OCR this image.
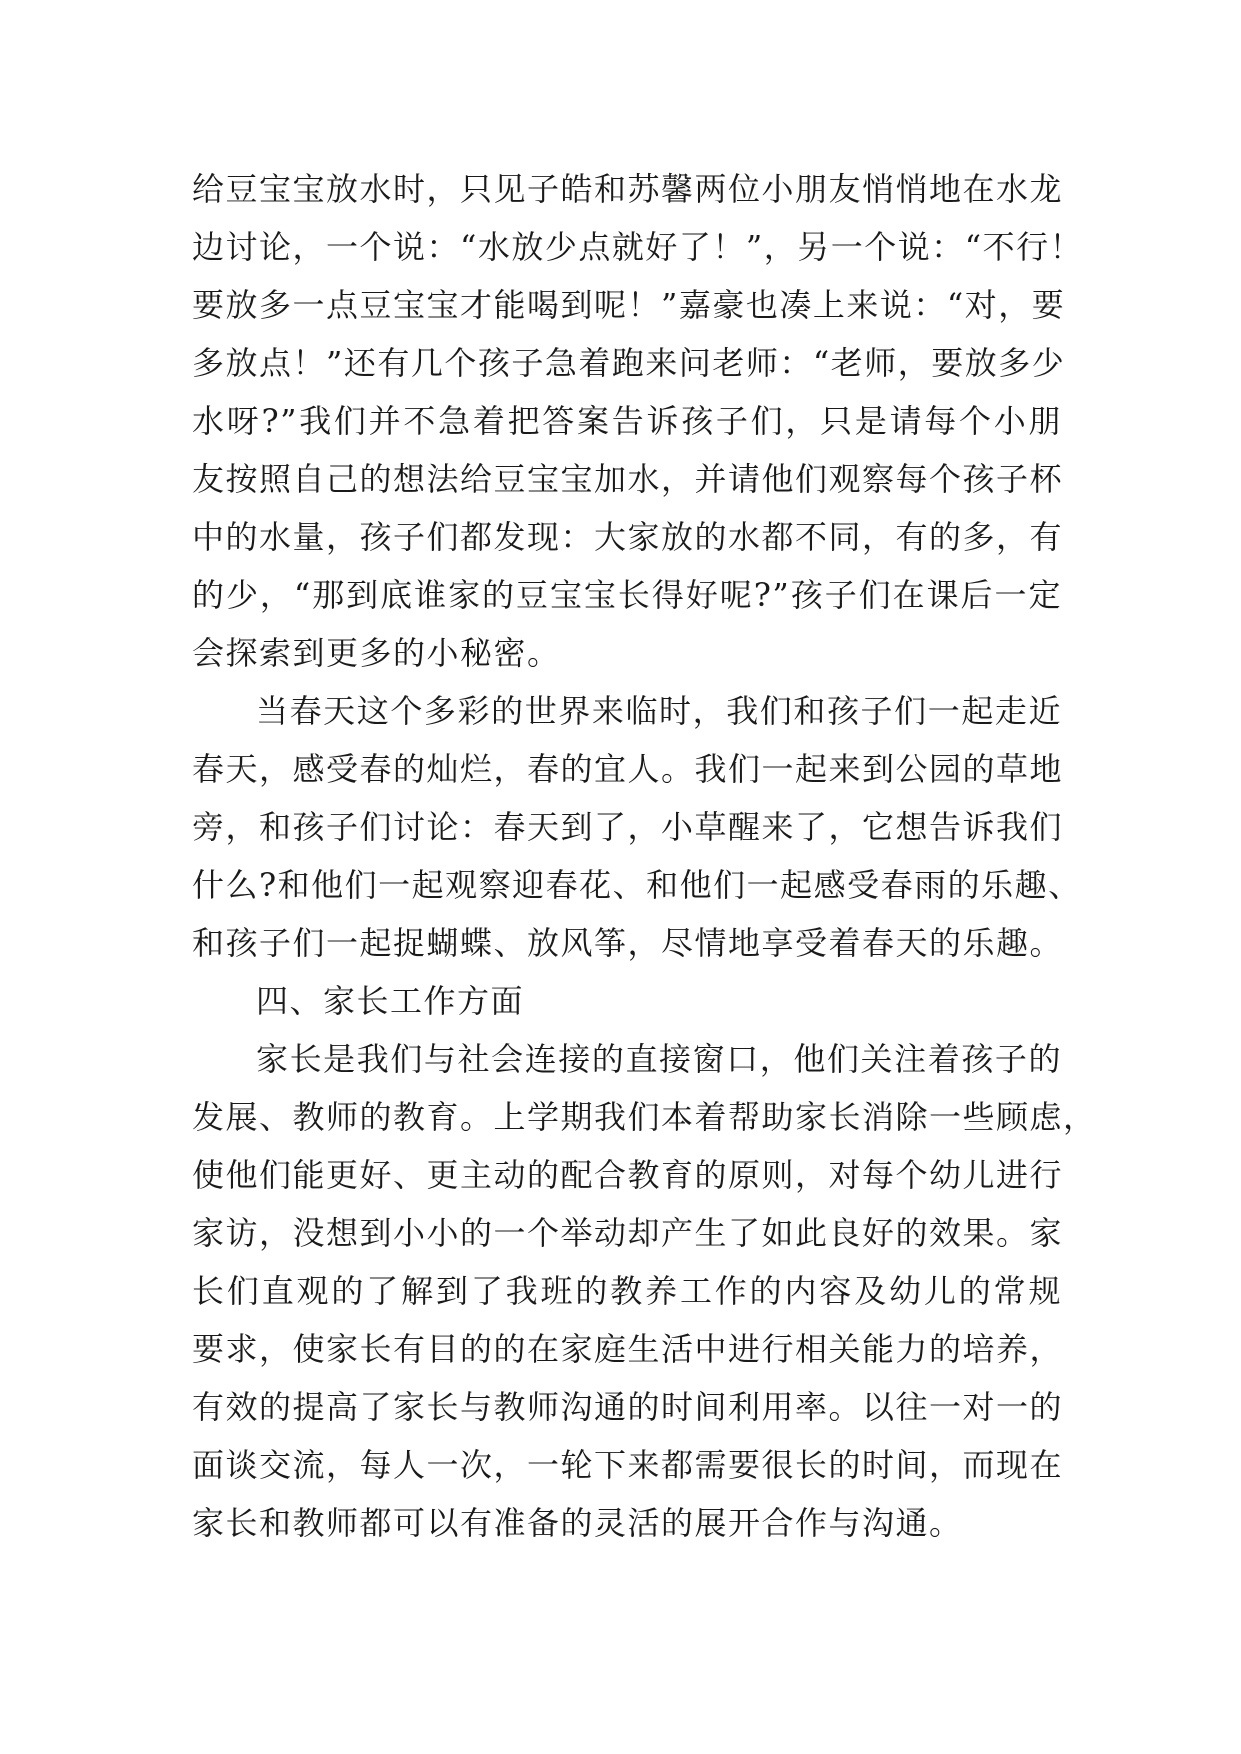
给豆宝宝放水时，只见子皓和苏馨两位小朋友悄悄地在水龙
边讨论，一个说：“水放少点就好了！”，另一个说：“不行！
要放多一点豆宝宝才能喝到呢！”嘉豪也凑上来说：“对，要
多放点！”还有几个孩子急着跑来问老师：“老师，要放多少
水呀?”我们并不急着把答案告诉孩子们，只是请每个小朋
友按照自己的想法给豆宝宝加水，并请他们观察每个孩子杯
中的水量，孩子们都发现：大家放的水都不同，有的多，有
的少，“那到底谁家的豆宝宝长得好呢?”孩子们在课后一定
会探索到更多的小秘密。
当春天这个多彩的世界来临时，我们和孩子们一起走近
春天，感受春的灿烂，春的宜人。我们一起来到公园的草地
旁，和孩子们讨论：春天到了，小草醒来了，它想告诉我们
什么?和他们一起观察迎春花、和他们一起感受春雨的乐趣、
和孩子们一起捉蝴蝶、放风筝，尽情地享受着春天的乐趣。
四、家长工作方面
家长是我们与社会连接的直接窗口，他们关注着孩子的
发展、教师的教育。上学期我们本着帮助家长消除一些顾虑，
使他们能更好、更主动的配合教育的原则，对每个幼儿进行
家访，没想到小小的一个举动却产生了如此良好的效果。家
长们直观的了解到了我班的教养工作的内容及幼儿的常规
要求，使家长有目的的在家庭生活中进行相关能力的培养，
有效的提高了家长与教师沟通的时间利用率。以往一对一的
面谈交流，每人一次，一轮下来都需要很长的时间，而现在
家长和教师都可以有准备的灵活的展开合作与沟通。
